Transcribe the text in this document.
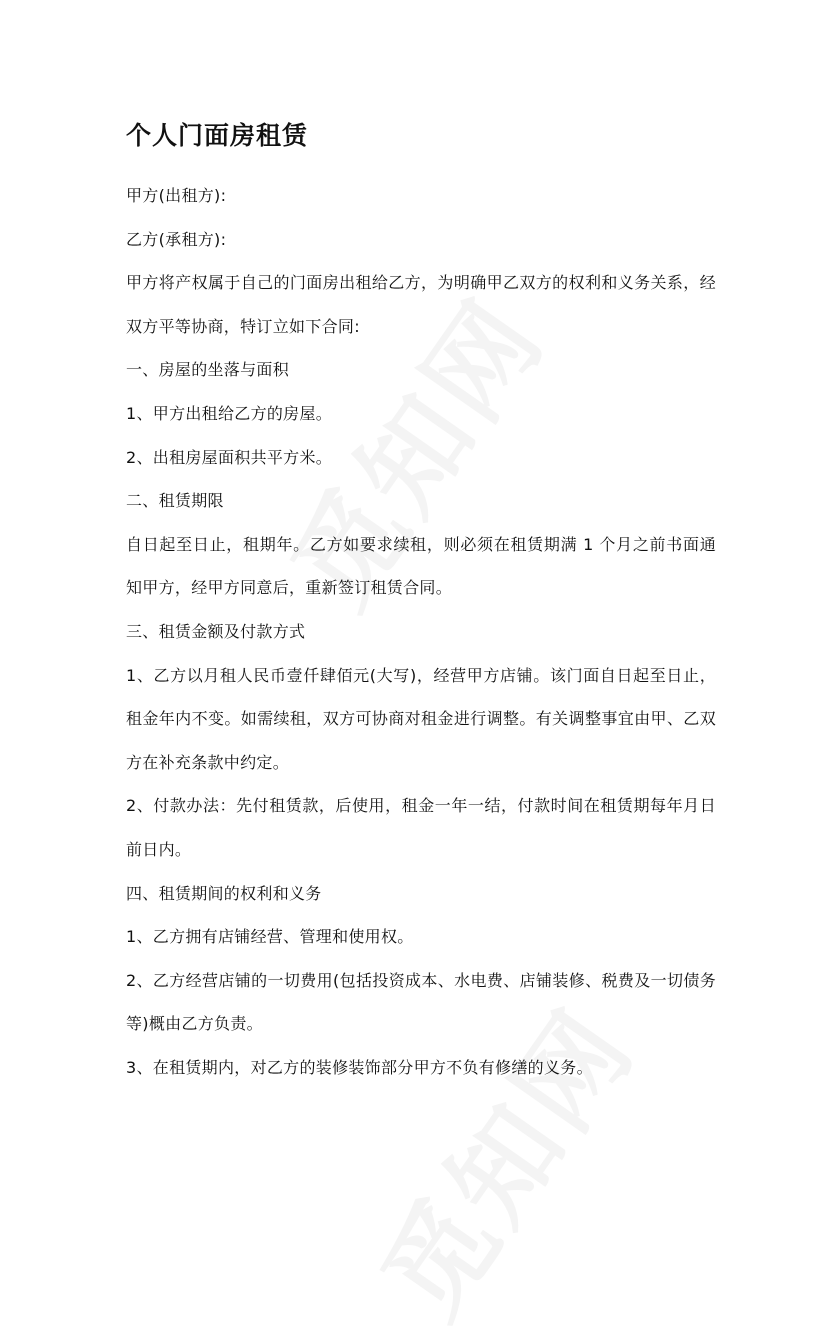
个人门面房租赁

甲方(出租方):

乙方(承租方):

甲方将产权属于自己的门面房出租给乙方，为明确甲乙双方的权利和义务关系，经双方平等协商，特订立如下合同:

一、房屋的坐落与面积

1、甲方出租给乙方的房屋。

2、出租房屋面积共平方米。

二、租赁期限

自日起至日止，租期年。乙方如要求续租，则必须在租赁期满 1 个月之前书面通知甲方，经甲方同意后，重新签订租赁合同。

三、租赁金额及付款方式

1、乙方以月租人民币壹仟肆佰元(大写)，经营甲方店铺。该门面自日起至日止，租金年内不变。如需续租，双方可协商对租金进行调整。有关调整事宜由甲、乙双方在补充条款中约定。

2、付款办法：先付租赁款，后使用，租金一年一结，付款时间在租赁期每年月日前日内。

四、租赁期间的权利和义务

1、乙方拥有店铺经营、管理和使用权。

2、乙方经营店铺的一切费用(包括投资成本、水电费、店铺装修、税费及一切债务等)概由乙方负责。

3、在租赁期内，对乙方的装修装饰部分甲方不负有修缮的义务。
